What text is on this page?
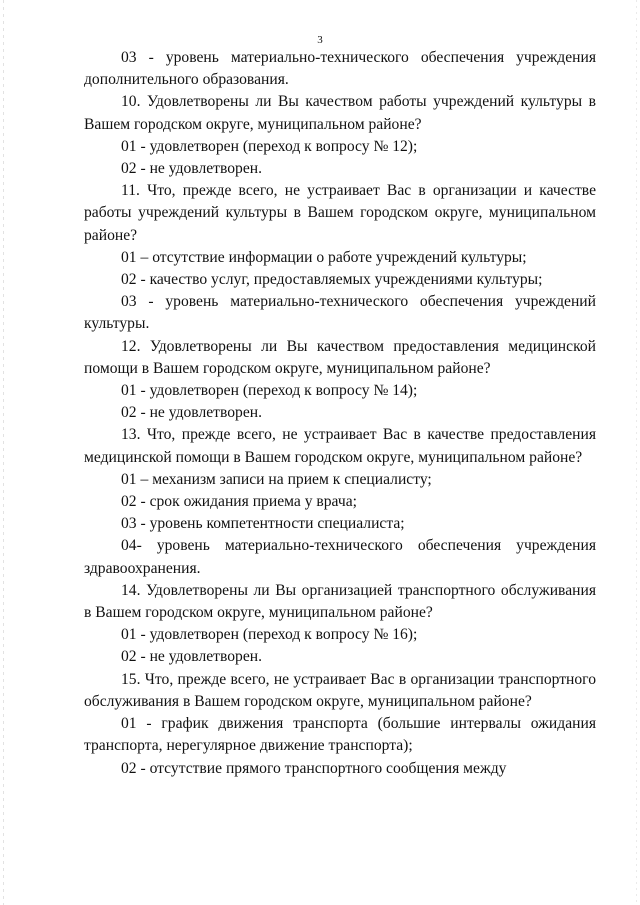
3

03 - уровень материально-технического обеспечения учреждения дополнительного образования.

10. Удовлетворены ли Вы качеством работы учреждений культуры в Вашем городском округе, муниципальном районе?

01 - удовлетворен (переход к вопросу № 12);

02 - не удовлетворен.

11. Что, прежде всего, не устраивает Вас в организации и качестве работы учреждений культуры в Вашем городском округе, муниципальном районе?

01 – отсутствие информации о работе учреждений культуры;

02 - качество услуг, предоставляемых учреждениями культуры;

03 - уровень материально-технического обеспечения учреждений культуры.

12. Удовлетворены ли Вы качеством предоставления медицинской помощи в Вашем городском округе, муниципальном районе?

01 - удовлетворен (переход к вопросу № 14);

02 - не удовлетворен.

13. Что, прежде всего, не устраивает Вас в качестве предоставления медицинской помощи в Вашем городском округе, муниципальном районе?

01 – механизм записи на прием к специалисту;

02 - срок ожидания приема у врача;

03 - уровень компетентности специалиста;

04- уровень материально-технического обеспечения учреждения здравоохранения.

14. Удовлетворены ли Вы организацией транспортного обслуживания в Вашем городском округе, муниципальном районе?

01 - удовлетворен (переход к вопросу № 16);

02 - не удовлетворен.

15. Что, прежде всего, не устраивает Вас в организации транспортного обслуживания в Вашем городском округе, муниципальном районе?

01 - график движения транспорта (большие интервалы ожидания транспорта, нерегулярное движение транспорта);

02 - отсутствие прямого транспортного сообщения между
